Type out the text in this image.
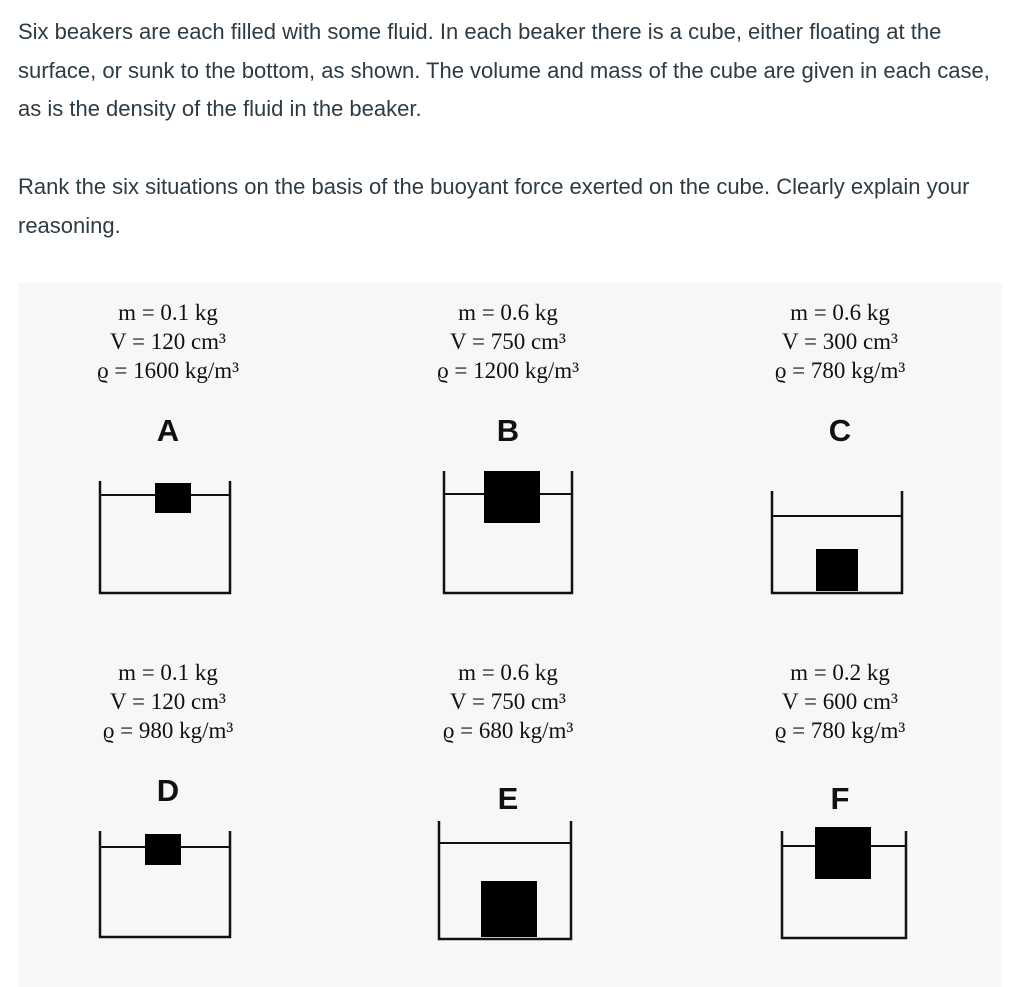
Six beakers are each filled with some fluid. In each beaker there is a cube, either floating at the surface, or sunk to the bottom, as shown. The volume and mass of the cube are given in each case, as is the density of the fluid in the beaker.
Rank the six situations on the basis of the buoyant force exerted on the cube. Clearly explain your reasoning.
m = 0.1 kg
V = 120 cm³
ϱ = 1600 kg/m³
A
m = 0.6 kg
V = 750 cm³
ϱ = 1200 kg/m³
B
m = 0.6 kg
V = 300 cm³
ϱ = 780 kg/m³
C
m = 0.1 kg
V = 120 cm³
ϱ = 980 kg/m³
D
m = 0.6 kg
V = 750 cm³
ϱ = 680 kg/m³
E
m = 0.2 kg
V = 600 cm³
ϱ = 780 kg/m³
F
